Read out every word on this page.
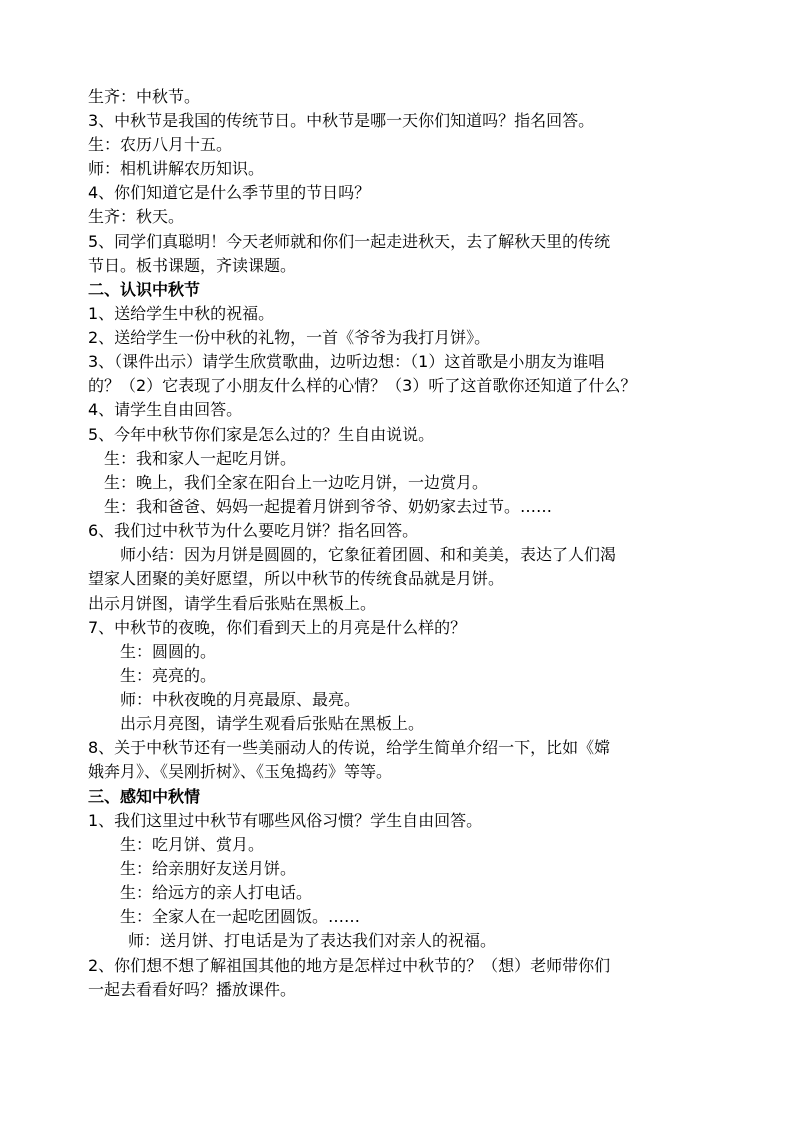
生齐：中秋节。
3、中秋节是我国的传统节日。中秋节是哪一天你们知道吗？指名回答。
生：农历八月十五。
师：相机讲解农历知识。
4、你们知道它是什么季节里的节日吗？
生齐：秋天。
5、同学们真聪明！今天老师就和你们一起走进秋天，去了解秋天里的传统
节日。板书课题，齐读课题。
二、认识中秋节
1、送给学生中秋的祝福。
2、送给学生一份中秋的礼物，一首《爷爷为我打月饼》。
3、（课件出示）请学生欣赏歌曲，边听边想：（1）这首歌是小朋友为谁唱
的？（2）它表现了小朋友什么样的心情？（3）听了这首歌你还知道了什么？
4、请学生自由回答。
5、今年中秋节你们家是怎么过的？生自由说说。
生：我和家人一起吃月饼。
生：晚上，我们全家在阳台上一边吃月饼，一边赏月。
生：我和爸爸、妈妈一起提着月饼到爷爷、奶奶家去过节。……
6、我们过中秋节为什么要吃月饼？指名回答。
师小结：因为月饼是圆圆的，它象征着团圆、和和美美，表达了人们渴
望家人团聚的美好愿望，所以中秋节的传统食品就是月饼。
出示月饼图，请学生看后张贴在黑板上。
7、中秋节的夜晚，你们看到天上的月亮是什么样的？
生：圆圆的。
生：亮亮的。
师：中秋夜晚的月亮最原、最亮。
出示月亮图，请学生观看后张贴在黑板上。
8、关于中秋节还有一些美丽动人的传说，给学生简单介绍一下，比如《嫦
娥奔月》、《吴刚折树》、《玉兔捣药》等等。
三、感知中秋情
1、我们这里过中秋节有哪些风俗习惯？学生自由回答。
生：吃月饼、赏月。
生：给亲朋好友送月饼。
生：给远方的亲人打电话。
生：全家人在一起吃团圆饭。……
师：送月饼、打电话是为了表达我们对亲人的祝福。
2、你们想不想了解祖国其他的地方是怎样过中秋节的？（想）老师带你们
一起去看看好吗？播放课件。
